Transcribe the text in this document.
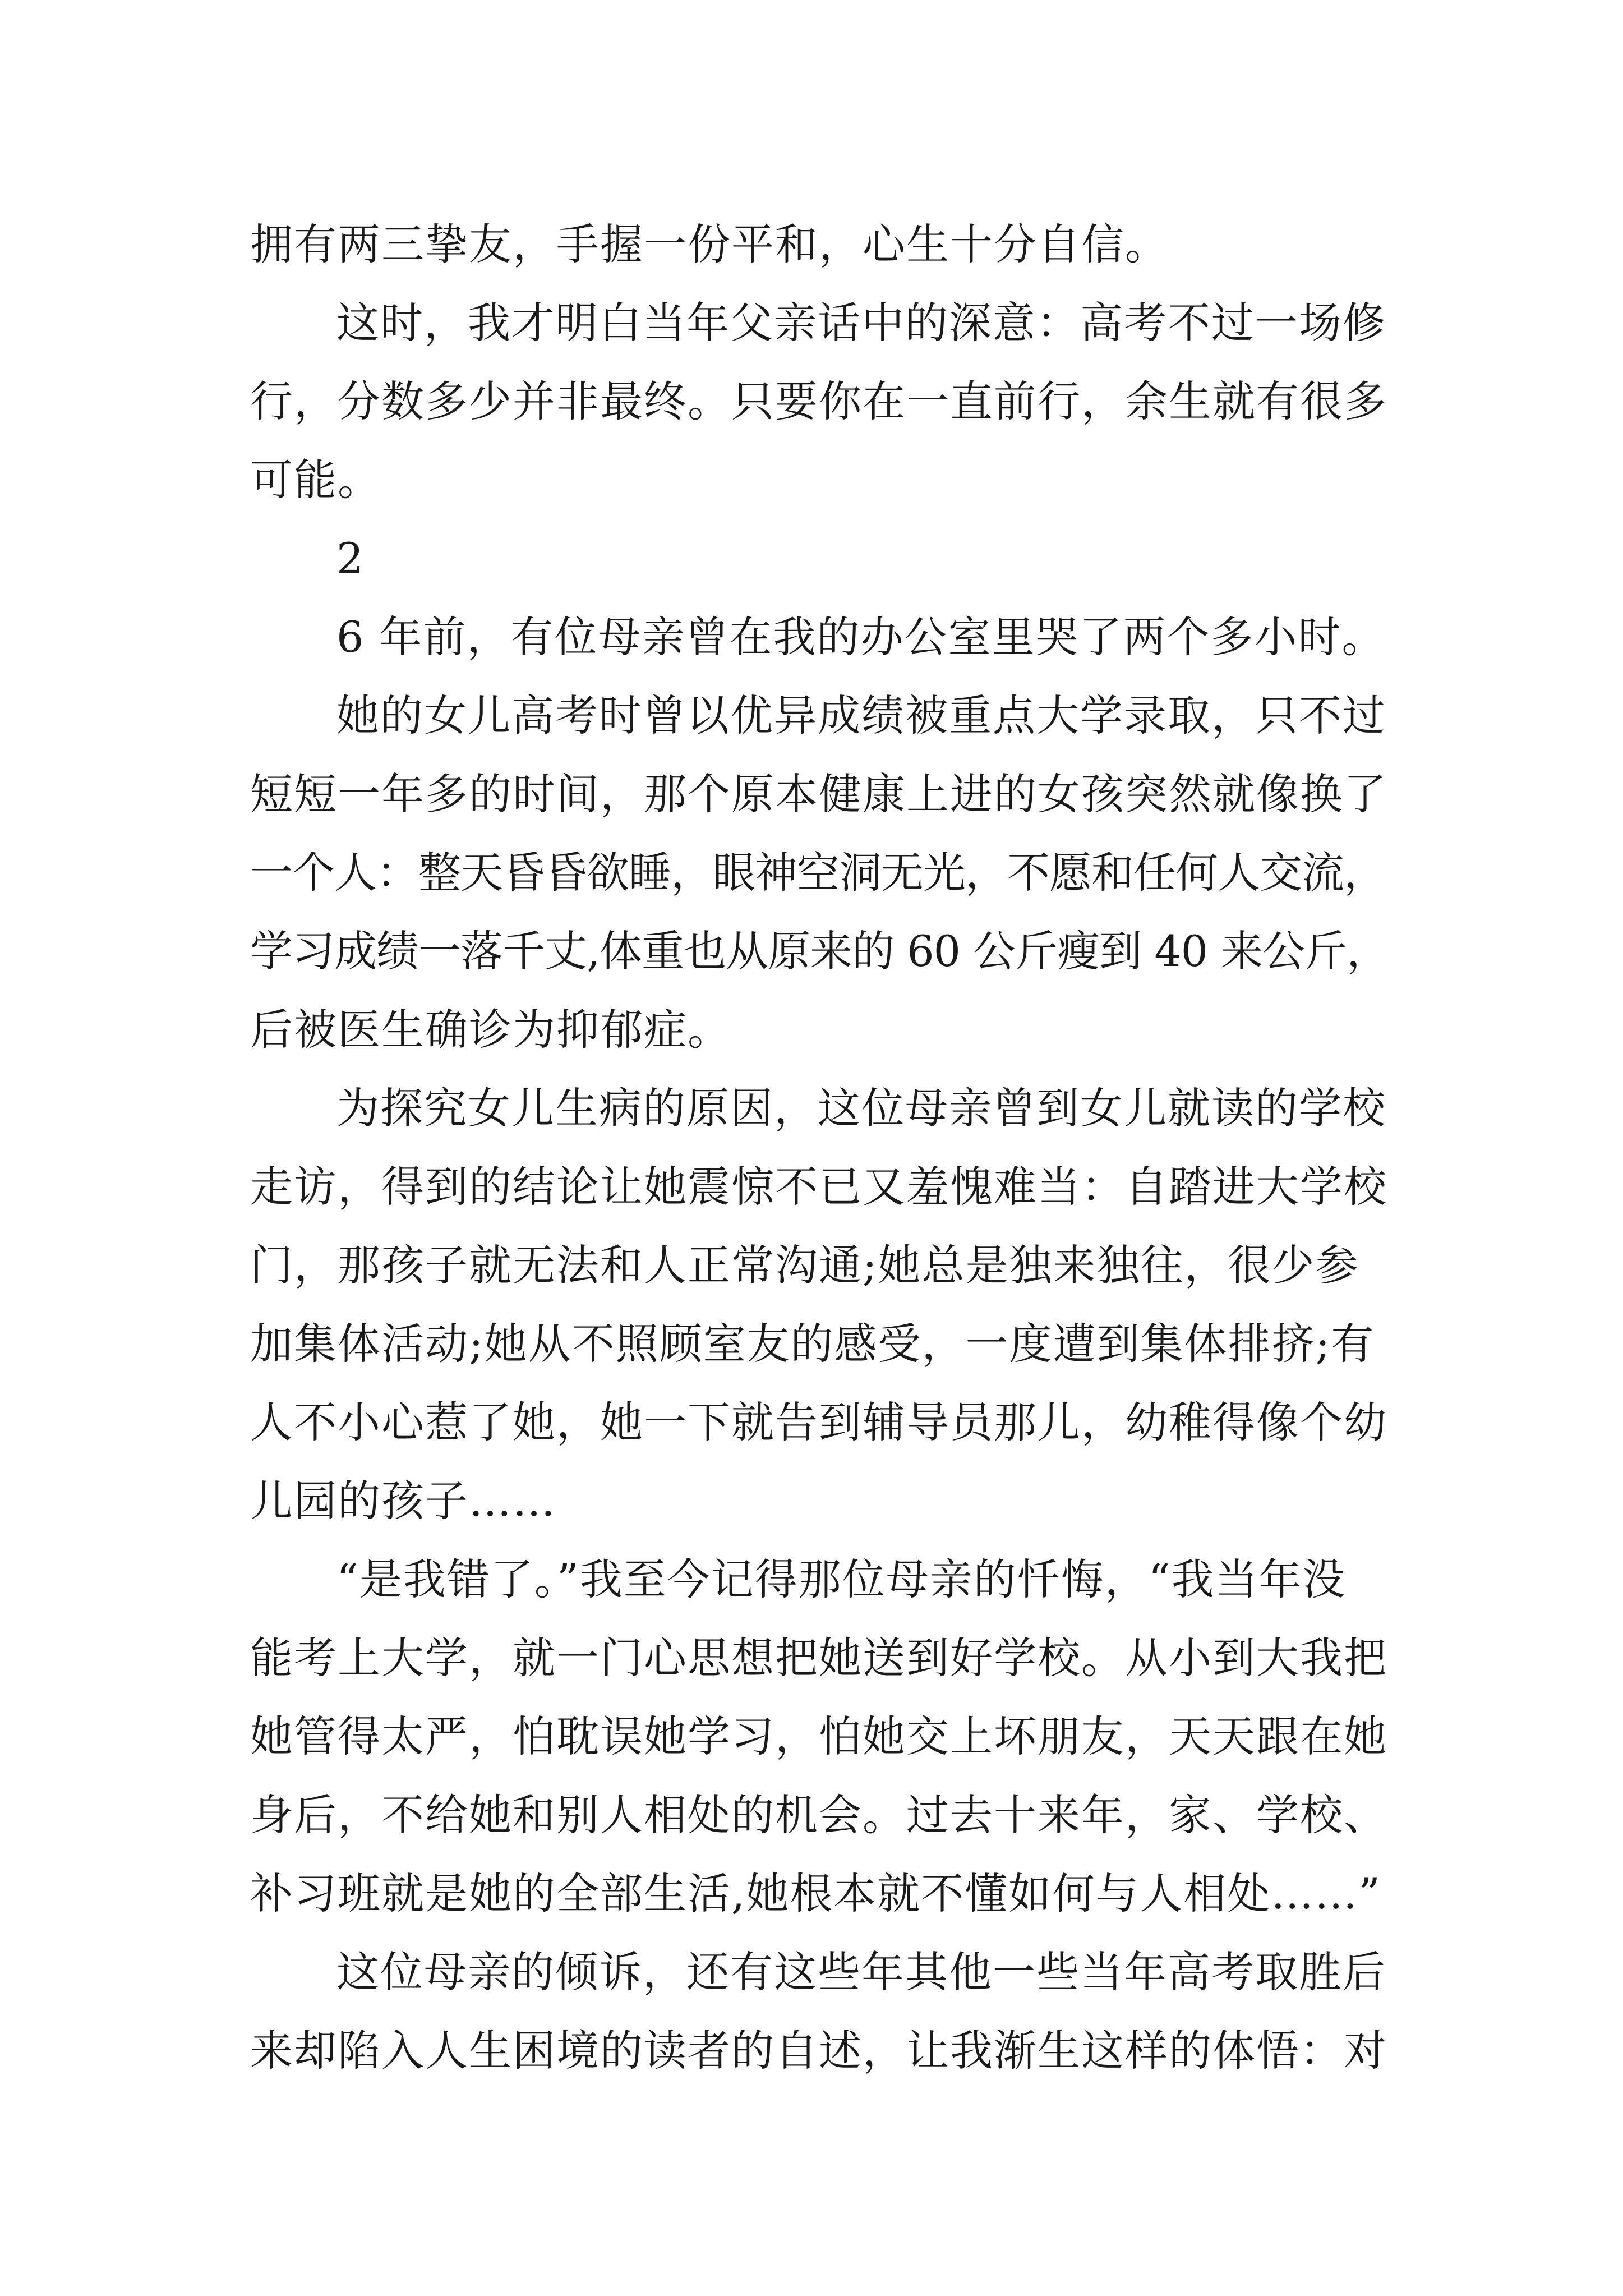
拥有两三挚友，手握一份平和，心生十分自信。
这时，我才明白当年父亲话中的深意：高考不过一场修
行，分数多少并非最终。只要你在一直前行，余生就有很多
可能。
2
6 年前，有位母亲曾在我的办公室里哭了两个多小时。
她的女儿高考时曾以优异成绩被重点大学录取，只不过
短短一年多的时间，那个原本健康上进的女孩突然就像换了
一个人：整天昏昏欲睡，眼神空洞无光，不愿和任何人交流，
学习成绩一落千丈,体重也从原来的 60 公斤瘦到 40 来公斤，
后被医生确诊为抑郁症。
为探究女儿生病的原因，这位母亲曾到女儿就读的学校
走访，得到的结论让她震惊不已又羞愧难当：自踏进大学校
门，那孩子就无法和人正常沟通;她总是独来独往，很少参
加集体活动;她从不照顾室友的感受，一度遭到集体排挤;有
人不小心惹了她，她一下就告到辅导员那儿，幼稚得像个幼
儿园的孩子……
“是我错了。”我至今记得那位母亲的忏悔，“我当年没
能考上大学，就一门心思想把她送到好学校。从小到大我把
她管得太严，怕耽误她学习，怕她交上坏朋友，天天跟在她
身后，不给她和别人相处的机会。过去十来年，家、学校、
补习班就是她的全部生活,她根本就不懂如何与人相处……”
这位母亲的倾诉，还有这些年其他一些当年高考取胜后
来却陷入人生困境的读者的自述，让我渐生这样的体悟：对
